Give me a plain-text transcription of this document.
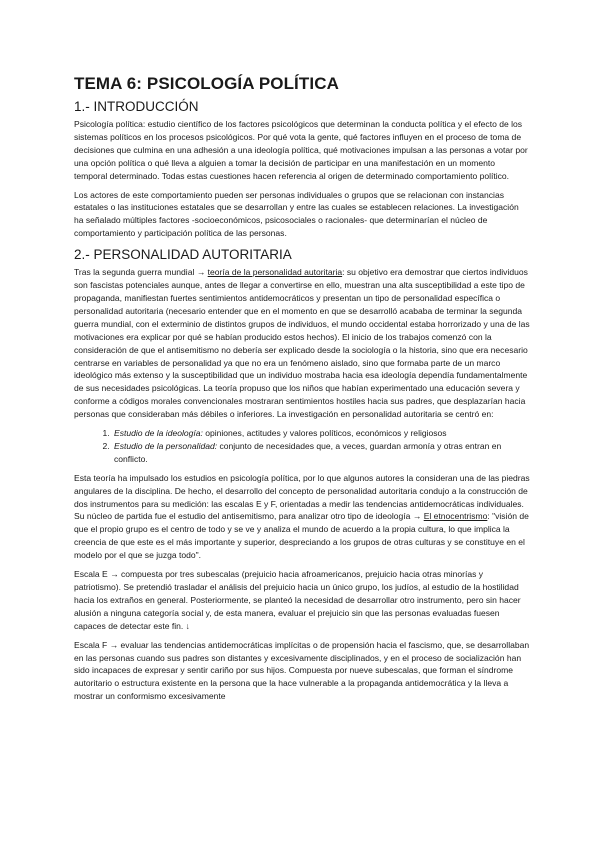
TEMA 6: PSICOLOGÍA POLÍTICA
1.- INTRODUCCIÓN

Psicología política: estudio científico de los factores psicológicos que determinan la conducta política y el efecto de los sistemas políticos en los procesos psicológicos. Por qué vota la gente, qué factores influyen en el proceso de toma de decisiones que culmina en una adhesión a una ideología política, qué motivaciones impulsan a las personas a votar por una opción política o qué lleva a alguien a tomar la decisión de participar en una manifestación en un momento temporal determinado. Todas estas cuestiones hacen referencia al origen de determinado comportamiento político.

Los actores de este comportamiento pueden ser personas individuales o grupos que se relacionan con instancias estatales o las instituciones estatales que se desarrollan y entre las cuales se establecen relaciones. La investigación ha señalado múltiples factores -socioeconómicos, psicosociales o racionales- que determinarían el núcleo de comportamiento y participación política de las personas.

2.- PERSONALIDAD AUTORITARIA

Tras la segunda guerra mundial → teoría de la personalidad autoritaria: su objetivo era demostrar que ciertos individuos son fascistas potenciales aunque, antes de llegar a convertirse en ello, muestran una alta susceptibilidad a este tipo de propaganda, manifiestan fuertes sentimientos antidemocráticos y presentan un tipo de personalidad específica o personalidad autoritaria (necesario entender que en el momento en que se desarrolló acababa de terminar la segunda guerra mundial, con el exterminio de distintos grupos de individuos, el mundo occidental estaba horrorizado y una de las motivaciones era explicar por qué se habían producido estos hechos). El inicio de los trabajos comenzó con la consideración de que el antisemitismo no debería ser explicado desde la sociología o la historia, sino que era necesario centrarse en variables de personalidad ya que no era un fenómeno aislado, sino que formaba parte de un marco ideológico más extenso y la susceptibilidad que un individuo mostraba hacia esa ideología dependía fundamentalmente de sus necesidades psicológicas. La teoría propuso que los niños que habían experimentado una educación severa y conforme a códigos morales convencionales mostraran sentimientos hostiles hacia sus padres, que desplazarían hacia personas que consideraban más débiles o inferiores. La investigación en personalidad autoritaria se centró en:

1. Estudio de la ideología: opiniones, actitudes y valores políticos, económicos y religiosos
2. Estudio de la personalidad: conjunto de necesidades que, a veces, guardan armonía y otras entran en conflicto.

Esta teoría ha impulsado los estudios en psicología política, por lo que algunos autores la consideran una de las piedras angulares de la disciplina. De hecho, el desarrollo del concepto de personalidad autoritaria condujo a la construcción de dos instrumentos para su medición: las escalas E y F, orientadas a medir las tendencias antidemocráticas individuales. Su núcleo de partida fue el estudio del antisemitismo, para analizar otro tipo de ideología → El etnocentrismo: "visión de que el propio grupo es el centro de todo y se ve y analiza el mundo de acuerdo a la propia cultura, lo que implica la creencia de que este es el más importante y superior, despreciando a los grupos de otras culturas y se constituye en el modelo por el que se juzga todo".

Escala E → compuesta por tres subescalas (prejuicio hacia afroamericanos, prejuicio hacia otras minorías y patriotismo). Se pretendió trasladar el análisis del prejuicio hacia un único grupo, los judíos, al estudio de la hostilidad hacia los extraños en general. Posteriormente, se planteó la necesidad de desarrollar otro instrumento, pero sin hacer alusión a ninguna categoría social y, de esta manera, evaluar el prejuicio sin que las personas evaluadas fuesen capaces de detectar este fin. ↓

Escala F → evaluar las tendencias antidemocráticas implícitas o de propensión hacia el fascismo, que, se desarrollaban en las personas cuando sus padres son distantes y excesivamente disciplinados, y en el proceso de socialización han sido incapaces de expresar y sentir cariño por sus hijos. Compuesta por nueve subescalas, que forman el síndrome autoritario o estructura existente en la persona que la hace vulnerable a la propaganda antidemocrática y la lleva a mostrar un conformismo excesivamente
